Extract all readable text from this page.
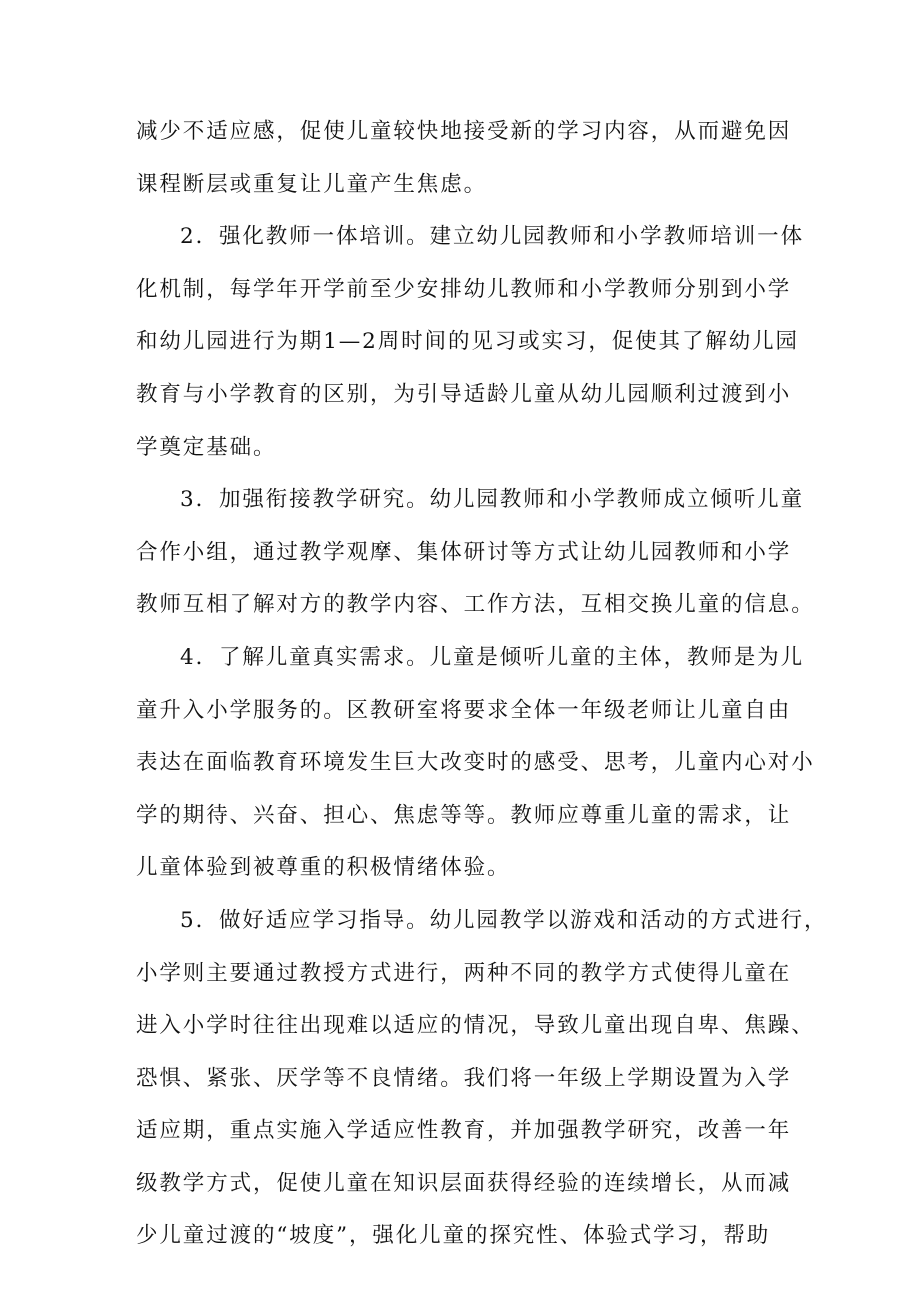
减少不适应感，促使儿童较快地接受新的学习内容，从而避免因
课程断层或重复让儿童产生焦虑。

2．强化教师一体培训。建立幼儿园教师和小学教师培训一体
化机制，每学年开学前至少安排幼儿教师和小学教师分别到小学
和幼儿园进行为期1—2周时间的见习或实习，促使其了解幼儿园
教育与小学教育的区别，为引导适龄儿童从幼儿园顺利过渡到小
学奠定基础。

3．加强衔接教学研究。幼儿园教师和小学教师成立倾听儿童
合作小组，通过教学观摩、集体研讨等方式让幼儿园教师和小学
教师互相了解对方的教学内容、工作方法，互相交换儿童的信息。

4．了解儿童真实需求。儿童是倾听儿童的主体，教师是为儿
童升入小学服务的。区教研室将要求全体一年级老师让儿童自由
表达在面临教育环境发生巨大改变时的感受、思考，儿童内心对小
学的期待、兴奋、担心、焦虑等等。教师应尊重儿童的需求，让
儿童体验到被尊重的积极情绪体验。

5．做好适应学习指导。幼儿园教学以游戏和活动的方式进行，
小学则主要通过教授方式进行，两种不同的教学方式使得儿童在
进入小学时往往出现难以适应的情况，导致儿童出现自卑、焦躁、
恐惧、紧张、厌学等不良情绪。我们将一年级上学期设置为入学
适应期，重点实施入学适应性教育，并加强教学研究，改善一年
级教学方式，促使儿童在知识层面获得经验的连续增长，从而减
少儿童过渡的“坡度”，强化儿童的探究性、体验式学习，帮助
